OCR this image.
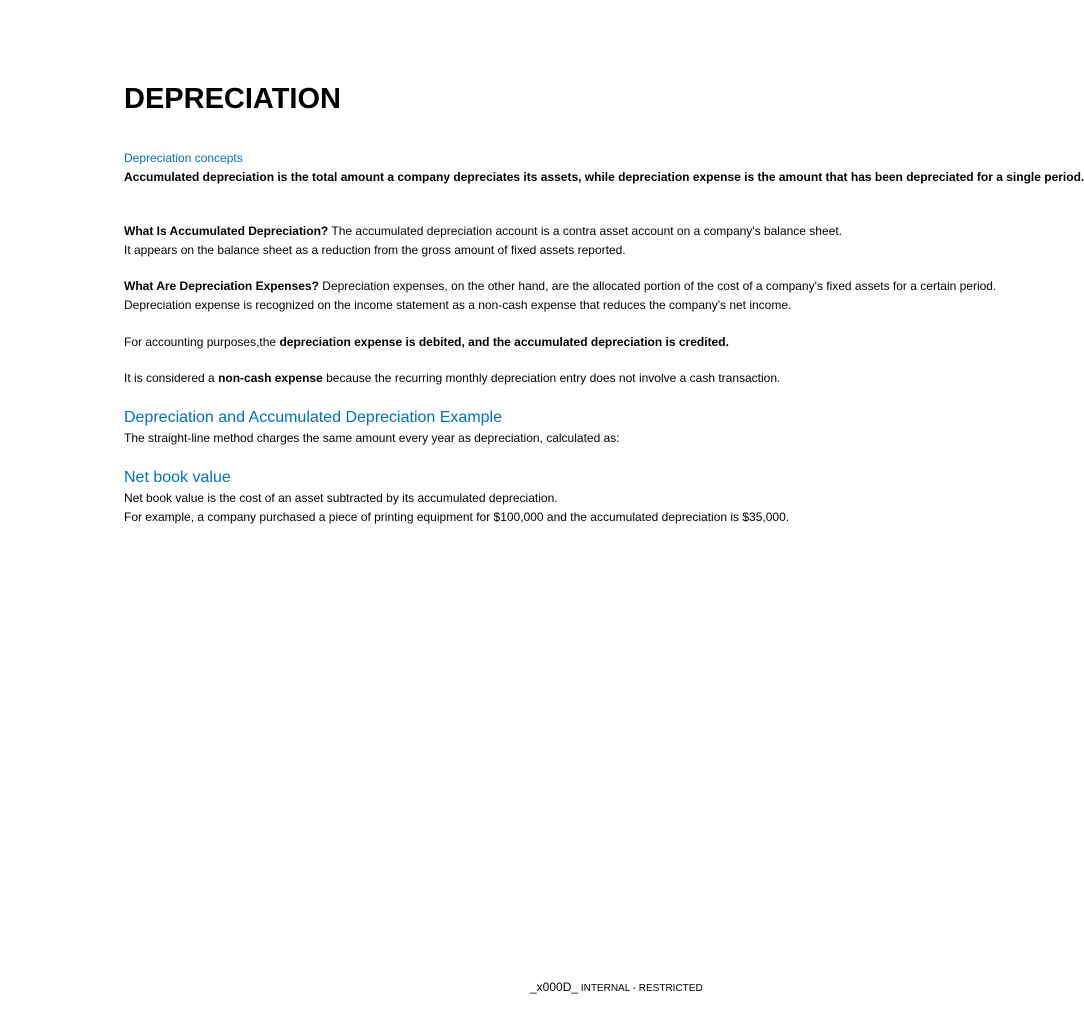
DEPRECIATION
Depreciation concepts
Accumulated depreciation is the total amount a company depreciates its assets, while depreciation expense is the amount that has been depreciated for a single period.
What Is Accumulated Depreciation? The accumulated depreciation account is a contra asset account on a company's balance sheet.
It appears on the balance sheet as a reduction from the gross amount of fixed assets reported.
What Are Depreciation Expenses? Depreciation expenses, on the other hand, are the allocated portion of the cost of a company's fixed assets for a certain period.
Depreciation expense is recognized on the income statement as a non-cash expense that reduces the company's net income.
For accounting purposes,the depreciation expense is debited, and the accumulated depreciation is credited.
It is considered a non-cash expense because the recurring monthly depreciation entry does not involve a cash transaction.
Depreciation and Accumulated Depreciation Example
The straight-line method charges the same amount every year as depreciation, calculated as:
Net book value
Net book value is the cost of an asset subtracted by its accumulated depreciation.
For example, a company purchased a piece of printing equipment for $100,000 and the accumulated depreciation is $35,000.
_x000D_ INTERNAL - RESTRICTED
